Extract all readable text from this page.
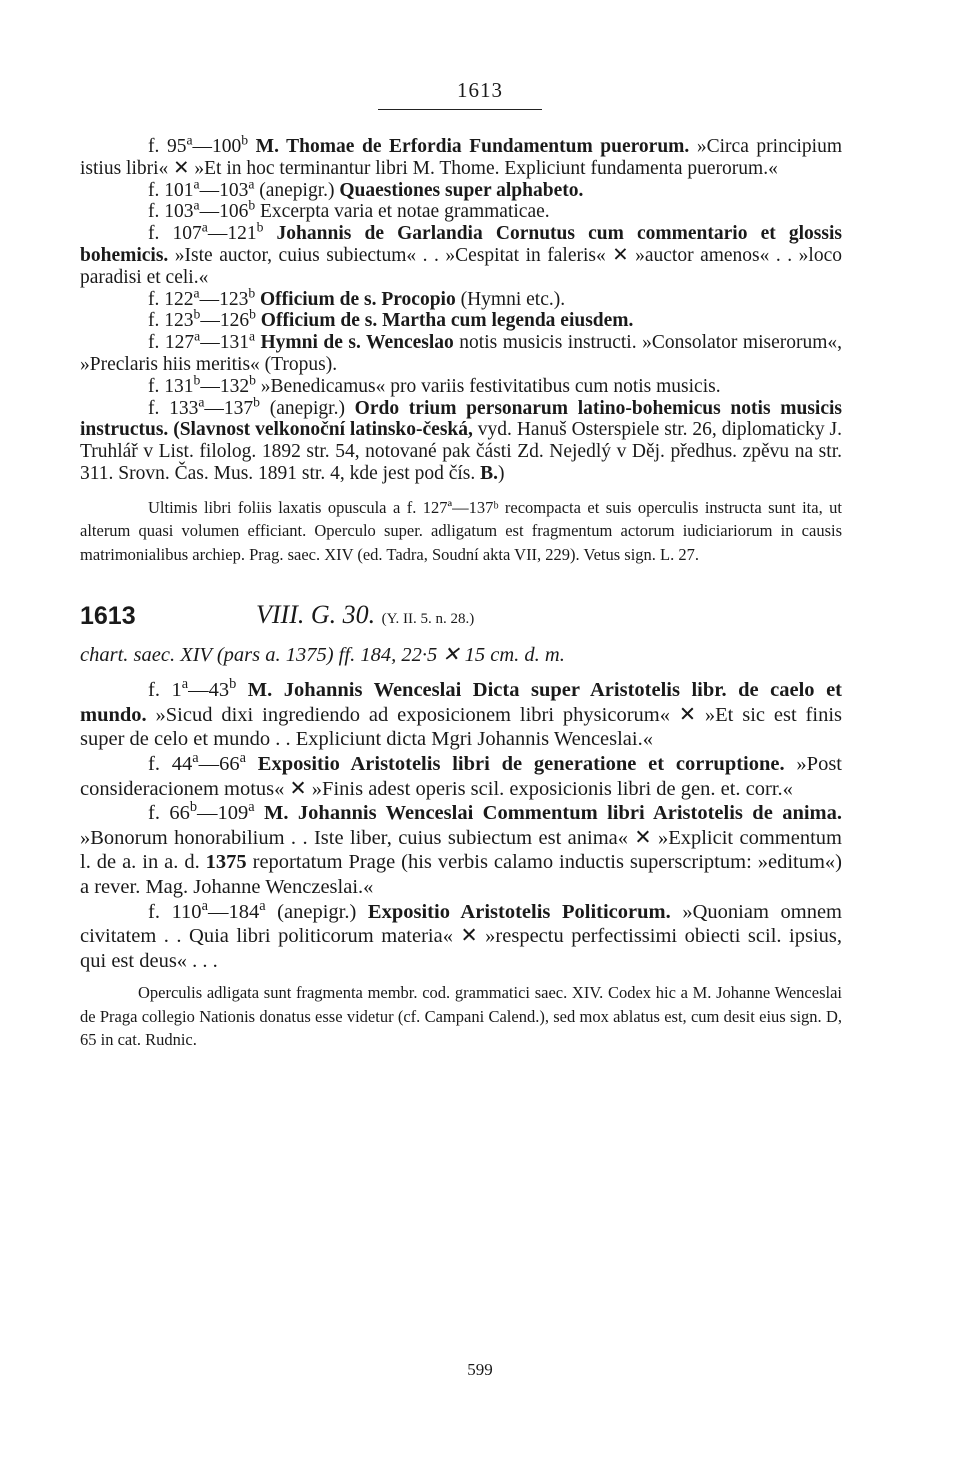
1613

f. 95$^a$—100$^b$ M. Thomae de Erfordia Fundamentum puerorum. »Circa principium istius libri« ✕ »Et in hoc terminantur libri M. Thome. Expliciunt fundamenta puerorum.«

f. 101$^a$—103$^a$ (anepigr.) Quaestiones super alphabeto.

f. 103$^a$—106$^b$ Excerpta varia et notae grammaticae.

f. 107$^a$—121$^b$ Johannis de Garlandia Cornutus cum commentario et glossis bohemicis. »Iste auctor, cuius subiectum« . . »Cespitat in faleris« ✕ »auctor amenos« . . »loco paradisi et celi.«

f. 122$^a$—123$^b$ Officium de s. Procopio (Hymni etc.).

f. 123$^b$—126$^b$ Officium de s. Martha cum legenda eiusdem.

f. 127$^a$—131$^a$ Hymni de s. Wenceslao notis musicis instructi. »Consolator miserorum«, »Preclaris hiis meritis« (Tropus).

f. 131$^b$—132$^b$ »Benedicamus« pro variis festivitatibus cum notis musicis.

f. 133$^a$—137$^b$ (anepigr.) Ordo trium personarum latino-bohemicus notis musicis instructus. (Slavnost velkonoční latinsko-česká, vyd. Hanuš Osterspiele str. 26, diplomaticky J. Truhlář v List. filolog. 1892 str. 54, notované pak části Zd. Nejedlý v Děj. předhus. zpěvu na str. 311. Srovn. Čas. Mus. 1891 str. 4, kde jest pod čís. B.)

Ultimis libri foliis laxatis opuscula a f. 127ª—137ᵇ recompacta et suis operculis instructa sunt ita, ut alterum quasi volumen efficiant. Operculo super. adligatum est fragmentum actorum iudiciariorum in causis matrimonialibus archiep. Prag. saec. XIV (ed. Tadra, Soudní akta VII, 229). Vetus sign. L. 27.

1613	VIII. G. 30. (Y. II. 5. n. 28.)

chart. saec. XIV (pars a. 1375) ff. 184, 22·5 ✕ 15 cm. d. m.

f. 1$^a$—43$^b$ M. Johannis Wenceslai Dicta super Aristotelis libr. de caelo et mundo. »Sicud dixi ingrediendo ad exposicionem libri physicorum« ✕ »Et sic est finis super de celo et mundo . . Expliciunt dicta Mgri Johannis Wenceslai.«

f. 44$^a$—66$^a$ Expositio Aristotelis libri de generatione et corruptione. »Post consideracionem motus« ✕ »Finis adest operis scil. exposicionis libri de gen. et. corr.«

f. 66$^b$—109$^a$ M. Johannis Wenceslai Commentum libri Aristotelis de anima. »Bonorum honorabilium . . Iste liber, cuius subiectum est anima« ✕ »Explicit commentum l. de a. in a. d. 1375 reportatum Prage (his verbis calamo inductis superscriptum: »editum«) a rever. Mag. Johanne Wenczeslai.«

f. 110$^a$—184$^a$ (anepigr.) Expositio Aristotelis Politicorum. »Quoniam omnem civitatem . . Quia libri politicorum materia« ✕ »respectu perfectissimi obiecti scil. ipsius, qui est deus« . . .

Operculis adligata sunt fragmenta membr. cod. grammatici saec. XIV. Codex hic a M. Johanne Wenceslai de Praga collegio Nationis donatus esse videtur (cf. Campani Calend.), sed mox ablatus est, cum desit eius sign. D, 65 in cat. Rudnic.

599
